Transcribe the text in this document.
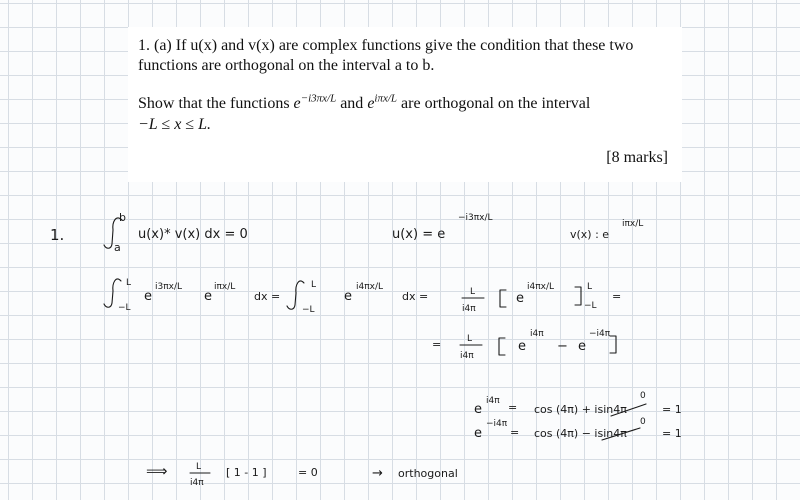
1. (a) If u(x) and v(x) are complex functions give the condition that these two
functions are orthogonal on the interval a to b.
Show that the functions $e^{-i3\pi x/L}$ and $e^{i\pi x/L}$ are orthogonal on the interval
−L ≤ x ≤ L.
[8 marks]
1.
b
a
u(x)* v(x) dx = 0	u(x) = e
−i3πx/L
v(x) : e
iπx/L
L
−L
e
i3πx/L
e
iπx/L
dx =
L
−L
e
i4πx/L
dx =	L
i4π
e
i4πx/L	L
−L
=
=	L
i4π
e
i4π
− e
−i4π
e
i4π = cos (4π) + isin4π
0
= 1
e
−i4π
= cos (4π) − isin4π
0
= 1
⟹	L
i4π
[ 1 - 1 ]	= 0	→ orthogonal
